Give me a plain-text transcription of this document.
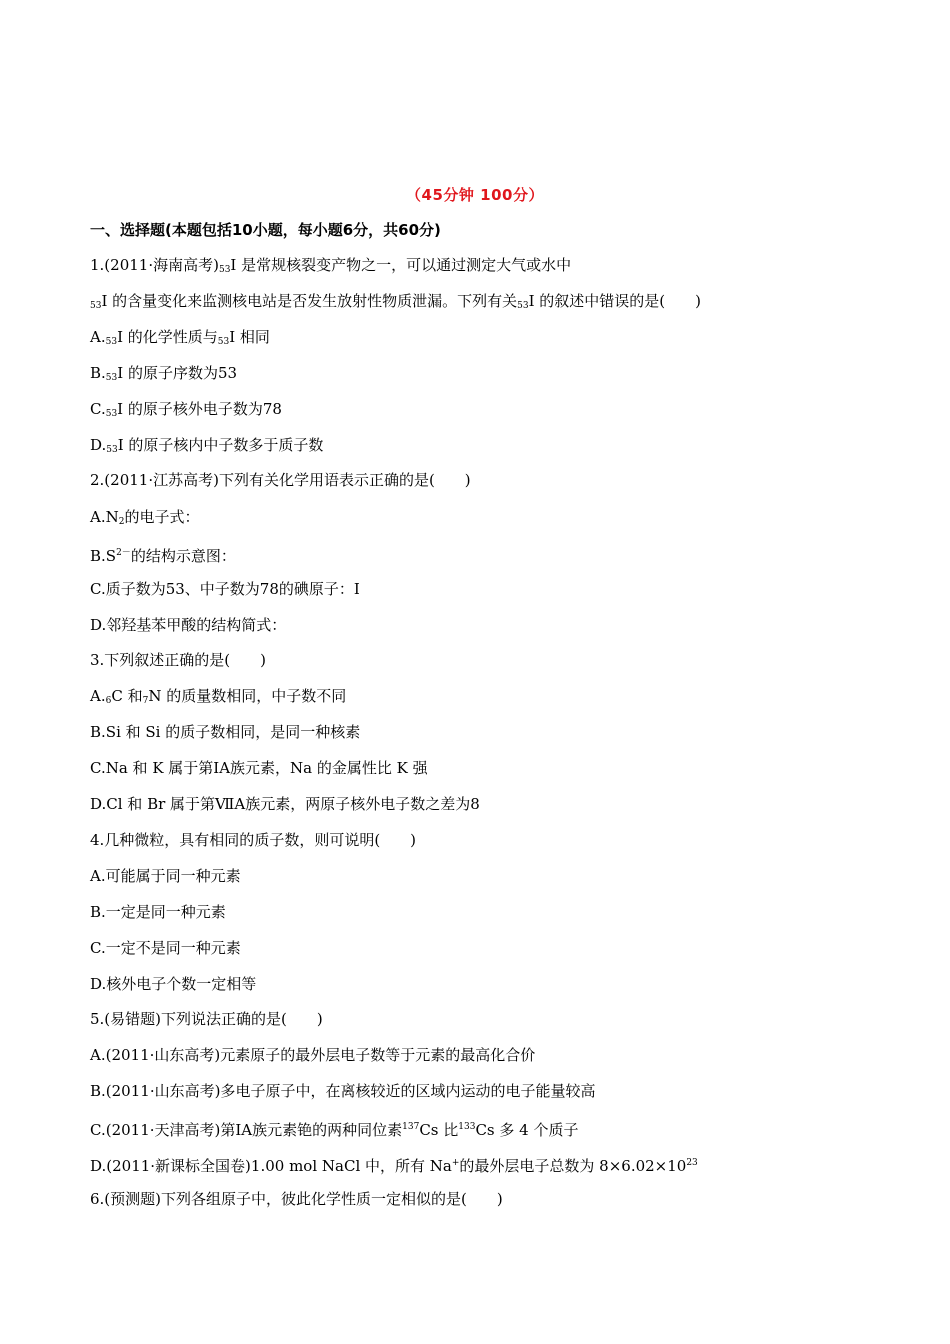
（45分钟 100分）
一、选择题(本题包括10小题，每小题6分，共60分)
1.(2011·海南高考)$_{53}I$ 是常规核裂变产物之一，可以通过测定大气或水中
$_{53}$I 的含量变化来监测核电站是否发生放射性物质泄漏。下列有关$_{53}$I 的叙述中错误的是(　　)
$A._{53}I$ 的化学性质与$_{53}$I 相同
$B._{53}I$ 的原子序数为53
$C._{53}I$ 的原子核外电子数为78
$D._{53}I$ 的原子核内中子数多于质子数
2.(2011·江苏高考)下列有关化学用语表示正确的是(　　)
$A.N_2$的电子式：
$B.S^{2-}$的结构示意图：
C.质子数为53、中子数为78的碘原子：I
D.邻羟基苯甲酸的结构简式：
3.下列叙述正确的是(　　)
$A._6C$ 和$_7$N 的质量数相同，中子数不同
B.Si 和 Si 的质子数相同，是同一种核素
C.Na 和 K 属于第ⅠA族元素，Na 的金属性比 K 强
D.Cl 和 Br 属于第ⅦA族元素，两原子核外电子数之差为8
4.几种微粒，具有相同的质子数，则可说明(　　)
A.可能属于同一种元素
B.一定是同一种元素
C.一定不是同一种元素
D.核外电子个数一定相等
5.(易错题)下列说法正确的是(　　)
A.(2011·山东高考)元素原子的最外层电子数等于元素的最高化合价
B.(2011·山东高考)多电子原子中，在离核较近的区域内运动的电子能量较高
C.(2011·天津高考)第ⅠA族元素铯的两种同位素$^{137}$Cs 比$^{133}$Cs 多 4 个质子
D.(2011·新课标全国卷)1.00 mol NaCl 中，所有 Na+的最外层电子总数为 $8\times 6.02\times 10^{23}$
6.(预测题)下列各组原子中，彼此化学性质一定相似的是(　　)
